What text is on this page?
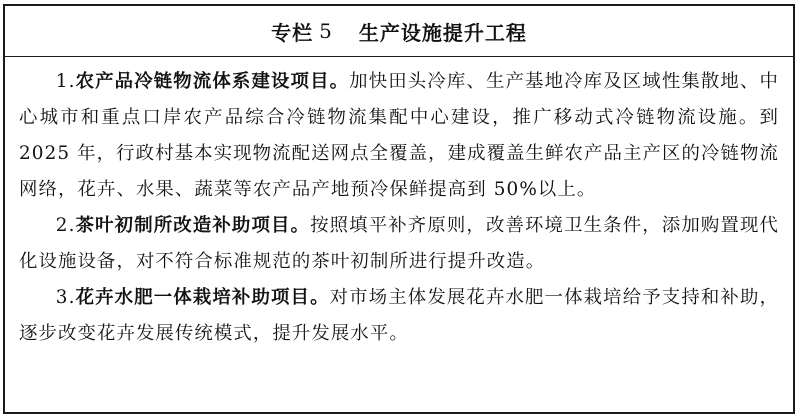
专栏 5 生产设施提升工程

1.农产品冷链物流体系建设项目。加快田头冷库、生产基地冷库及区域性集散地、中心城市和重点口岸农产品综合冷链物流集配中心建设，推广移动式冷链物流设施。到 2025 年，行政村基本实现物流配送网点全覆盖，建成覆盖生鲜农产品主产区的冷链物流网络，花卉、水果、蔬菜等农产品产地预冷保鲜提高到 50%以上。

2.茶叶初制所改造补助项目。按照填平补齐原则，改善环境卫生条件，添加购置现代化设施设备，对不符合标准规范的茶叶初制所进行提升改造。

3.花卉水肥一体栽培补助项目。对市场主体发展花卉水肥一体栽培给予支持和补助，逐步改变花卉发展传统模式，提升发展水平。
